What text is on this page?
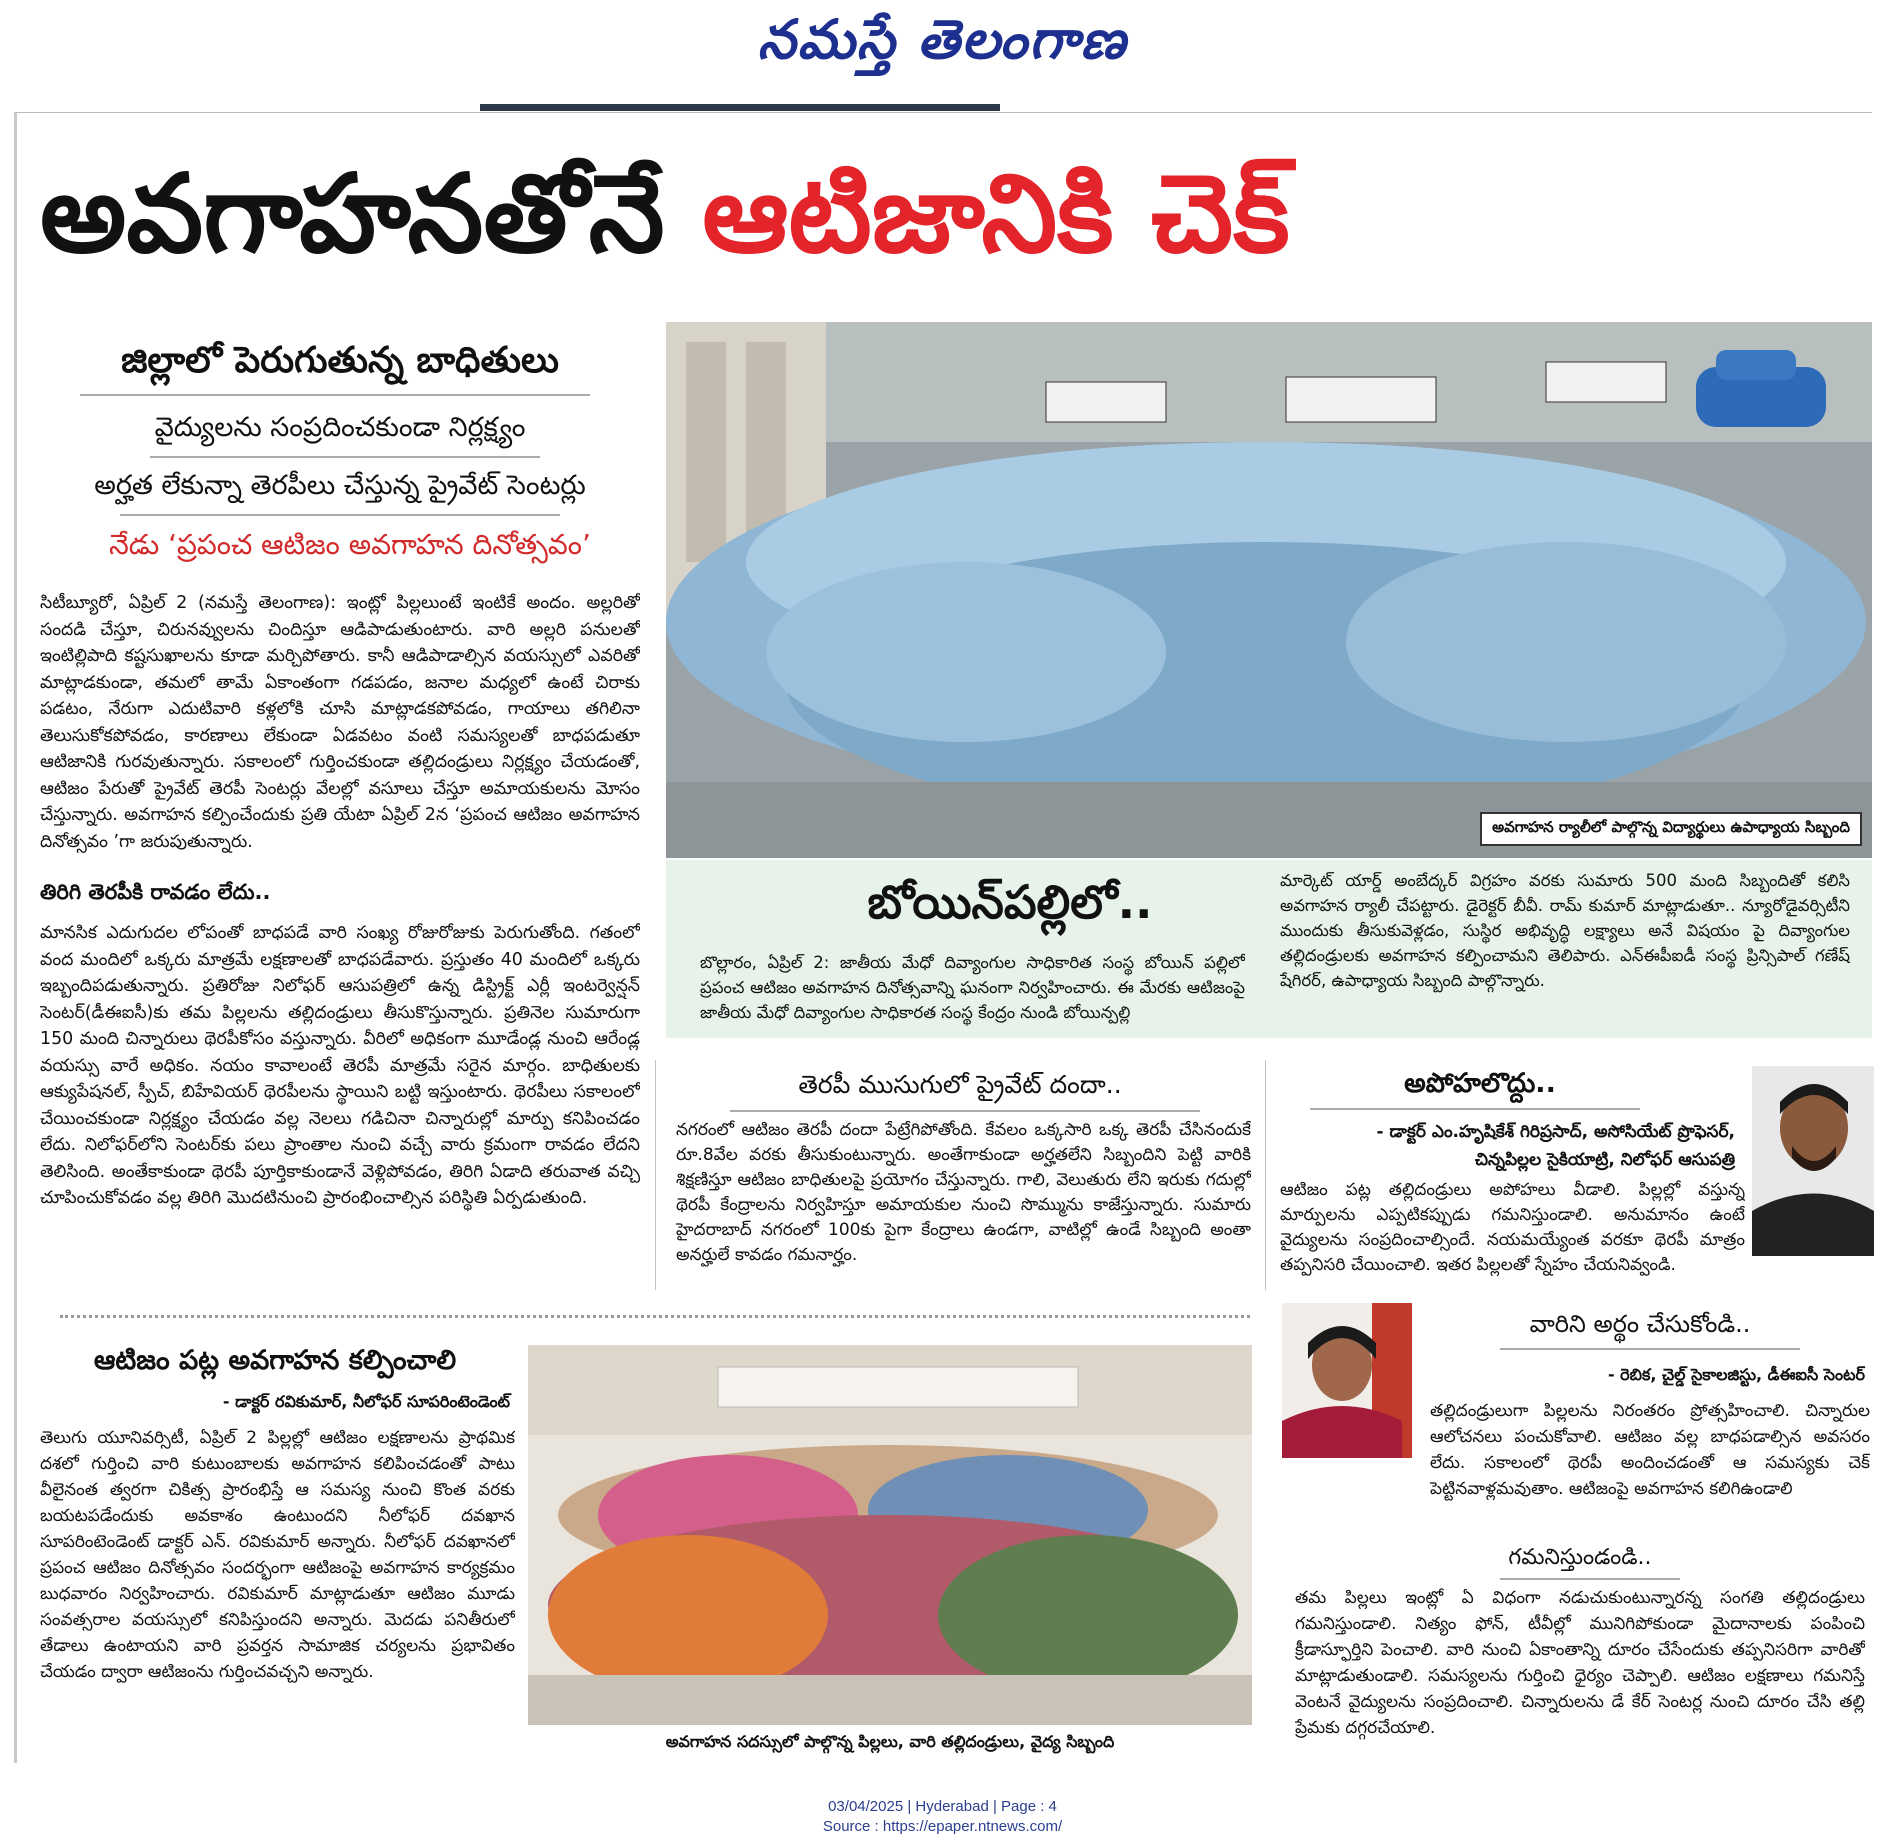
నమస్తే తెలంగాణ
అవగాహనతోనే ఆటిజానికి చెక్
జిల్లాలో పెరుగుతున్న బాధితులు
వైద్యులను సంప్రదించకుండా నిర్లక్ష్యం
అర్హత లేకున్నా తెరపీలు చేస్తున్న ప్రైవేట్ సెంటర్లు
నేడు ‘ప్రపంచ ఆటిజం అవగాహన దినోత్సవం’
సిటీబ్యూరో, ఏప్రిల్ 2 (నమస్తే తెలంగాణ): ఇంట్లో పిల్లలుంటే ఇంటికే అందం. అల్లరితో సందడి చేస్తూ, చిరునవ్వులను చిందిస్తూ ఆడిపాడుతుంటారు. వారి అల్లరి పనులతో ఇంటిల్లిపాది కష్టసుఖాలను కూడా మర్చిపోతారు. కానీ ఆడిపాడాల్సిన వయస్సులో ఎవరితో మాట్లాడకుండా, తమలో తామే ఏకాంతంగా గడపడం, జనాల మధ్యలో ఉంటే చిరాకు పడటం, నేరుగా ఎదుటివారి కళ్లలోకి చూసి మాట్లాడకపోవడం, గాయాలు తగిలినా తెలుసుకోకపోవడం, కారణాలు లేకుండా ఏడవటం వంటి సమస్యలతో బాధపడుతూ ఆటిజానికి గురవుతున్నారు. సకాలంలో గుర్తించకుండా తల్లిదండ్రులు నిర్లక్ష్యం చేయడంతో, ఆటిజం పేరుతో ప్రైవేట్ తెరపీ సెంటర్లు వేలల్లో వసూలు చేస్తూ అమాయకులను మోసం చేస్తున్నారు. అవగాహన కల్పించేందుకు ప్రతి యేటా ఏప్రిల్ 2న ‘ప్రపంచ ఆటిజం అవగాహన దినోత్సవం ’గా జరుపుతున్నారు.
తిరిగి తెరపీకి రావడం లేదు..
మానసిక ఎదుగుదల లోపంతో బాధపడే వారి సంఖ్య రోజురోజుకు పెరుగుతోంది. గతంలో వంద మందిలో ఒక్కరు మాత్రమే లక్షణాలతో బాధపడేవారు. ప్రస్తుతం 40 మందిలో ఒక్కరు ఇబ్బందిపడుతున్నారు. ప్రతిరోజు నిలోఫర్ ఆసుపత్రిలో ఉన్న డిస్ట్రిక్ట్ ఎర్లీ ఇంటర్వెన్షన్ సెంటర్(డీఈఐసీ)కు తమ పిల్లలను తల్లిదండ్రులు తీసుకొస్తున్నారు. ప్రతినెల సుమారుగా 150 మంది చిన్నారులు థెరపీకోసం వస్తున్నారు. వీరిలో అధికంగా మూడేండ్ల నుంచి ఆరేండ్ల వయస్సు వారే అధికం. నయం కావాలంటే తెరపీ మాత్రమే సరైన మార్గం. బాధితులకు ఆక్యుపేషనల్, స్పీచ్, బిహేవియర్ థెరపీలను స్థాయిని బట్టి ఇస్తుంటారు. థెరపీలు సకాలంలో చేయించకుండా నిర్లక్ష్యం చేయడం వల్ల నెలలు గడిచినా చిన్నారుల్లో మార్పు కనిపించడం లేదు. నిలోఫర్‌లోని సెంటర్‌కు పలు ప్రాంతాల నుంచి వచ్చే వారు క్రమంగా రావడం లేదని తెలిసింది. అంతేకాకుండా థెరపీ పూర్తికాకుండానే వెళ్లిపోవడం, తిరిగి ఏడాది తరువాత వచ్చి చూపించుకోవడం వల్ల తిరిగి మొదటినుంచి ప్రారంభించాల్సిన పరిస్థితి ఏర్పడుతుంది.
అవగాహన ర్యాలీలో పాల్గొన్న విద్యార్థులు ఉపాధ్యాయ సిబ్బంది
బోయిన్‌పల్లిలో..
బొల్లారం, ఏప్రిల్ 2: జాతీయ మేధో దివ్యాంగుల సాధికారిత సంస్థ బోయిన్ పల్లిలో ప్రపంచ ఆటిజం అవగాహన దినోత్సవాన్ని ఘనంగా నిర్వహించారు. ఈ మేరకు ఆటిజంపై జాతీయ మేధో దివ్యాంగుల సాధికారత సంస్థ కేంద్రం నుండి బోయిన్పల్లి
మార్కెట్ యార్డ్ అంబేద్కర్ విగ్రహం వరకు సుమారు 500 మంది సిబ్బందితో కలిసి అవగాహన ర్యాలీ చేపట్టారు. డైరెక్టర్ బీవీ. రామ్ కుమార్ మాట్లాడుతూ.. న్యూరోడైవర్సిటీని ముందుకు తీసుకువెళ్లడం, సుస్థిర అభివృద్ధి లక్ష్యాలు అనే విషయం పై దివ్యాంగుల తల్లిదండ్రులకు అవగాహన కల్పించామని తెలిపారు. ఎన్ఈపీఐడీ సంస్థ ప్రిన్సిపాల్ గణేష్ షేగిరర్, ఉపాధ్యాయ సిబ్బంది పాల్గొన్నారు.
తెరపీ ముసుగులో ప్రైవేట్ దందా..
నగరంలో ఆటిజం తెరపీ దందా పేట్రేగిపోతోంది. కేవలం ఒక్కసారి ఒక్క తెరపీ చేసినందుకే రూ.8వేల వరకు తీసుకుంటున్నారు. అంతేగాకుండా అర్హతలేని సిబ్బందిని పెట్టి వారికి శిక్షణిస్తూ ఆటిజం బాధితులపై ప్రయోగం చేస్తున్నారు. గాలి, వెలుతురు లేని ఇరుకు గదుల్లో థెరపీ కేంద్రాలను నిర్వహిస్తూ అమాయకుల నుంచి సొమ్మును కాజేస్తున్నారు. సుమారు హైదరాబాద్ నగరంలో 100కు పైగా కేంద్రాలు ఉండగా, వాటిల్లో ఉండే సిబ్బంది అంతా అనర్హులే కావడం గమనార్హం.
అపోహలొద్దు..
- డాక్టర్ ఎం.హృషికేశ్ గిరిప్రసాద్, అసోసియేట్ ప్రొఫెసర్,
చిన్నపిల్లల సైకియాట్రి, నిలోఫర్ ఆసుపత్రి
ఆటిజం పట్ల తల్లిదండ్రులు అపోహలు వీడాలి. పిల్లల్లో వస్తున్న మార్పులను ఎప్పటికప్పుడు గమనిస్తుండాలి. అనుమానం ఉంటే వైద్యులను సంప్రదించాల్సిందే. నయమయ్యేంత వరకూ థెరపీ మాత్రం తప్పనిసరి చేయించాలి. ఇతర పిల్లలతో స్నేహం చేయనివ్వండి.
ఆటిజం పట్ల అవగాహన కల్పించాలి
- డాక్టర్ రవికుమార్, నీలోఫర్ సూపరింటెండెంట్
తెలుగు యూనివర్సిటీ, ఏప్రిల్ 2 పిల్లల్లో ఆటిజం లక్షణాలను ప్రాథమిక దశలో గుర్తించి వారి కుటుంబాలకు అవగాహన కలిపించడంతో పాటు వీలైనంత త్వరగా చికిత్స ప్రారంభిస్తే ఆ సమస్య నుంచి కొంత వరకు బయటపడేందుకు అవకాశం ఉంటుందని నీలోఫర్ దవఖాన సూపరింటెండెంట్ డాక్టర్ ఎన్. రవికుమార్ అన్నారు. నీలోఫర్ దవఖానలో ప్రపంచ ఆటిజం దినోత్సవం సందర్భంగా ఆటిజంపై అవగాహన కార్యక్రమం బుధవారం నిర్వహించారు. రవికుమార్ మాట్లాడుతూ ఆటిజం మూడు సంవత్సరాల వయస్సులో కనిపిస్తుందని అన్నారు. మెదడు పనితీరులో తేడాలు ఉంటాయని వారి ప్రవర్తన సామాజిక చర్యలను ప్రభావితం చేయడం ద్వారా ఆటిజంను గుర్తించవచ్చని అన్నారు.
అవగాహన సదస్సులో పాల్గొన్న పిల్లలు, వారి తల్లిదండ్రులు, వైద్య సిబ్బంది
వారిని అర్థం చేసుకోండి..
- రెబిక, చైల్డ్ సైకాలజిస్టు, డీఈఐసీ సెంటర్
తల్లిదండ్రులుగా పిల్లలను నిరంతరం ప్రోత్సహించాలి. చిన్నారుల ఆలోచనలు పంచుకోవాలి. ఆటిజం వల్ల బాధపడాల్సిన అవసరం లేదు. సకాలంలో థెరపీ అందించడంతో ఆ సమస్యకు చెక్ పెట్టినవాళ్లమవుతాం. ఆటిజంపై అవగాహన కలిగిఉండాలి
గమనిస్తుండండి..
తమ పిల్లలు ఇంట్లో ఏ విధంగా నడుచుకుంటున్నారన్న సంగతి తల్లిదండ్రులు గమనిస్తుండాలి. నిత్యం ఫోన్, టీవీల్లో మునిగిపోకుండా మైదానాలకు పంపించి క్రీడాస్ఫూర్తిని పెంచాలి. వారి నుంచి ఏకాంతాన్ని దూరం చేసేందుకు తప్పనిసరిగా వారితో మాట్లాడుతుండాలి. సమస్యలను గుర్తించి ధైర్యం చెప్పాలి. ఆటిజం లక్షణాలు గమనిస్తే వెంటనే వైద్యులను సంప్రదించాలి. చిన్నారులను డే కేర్ సెంటర్ల నుంచి దూరం చేసి తల్లి ప్రేమకు దగ్గరచేయాలి.
03/04/2025 | Hyderabad | Page : 4
Source : https://epaper.ntnews.com/
